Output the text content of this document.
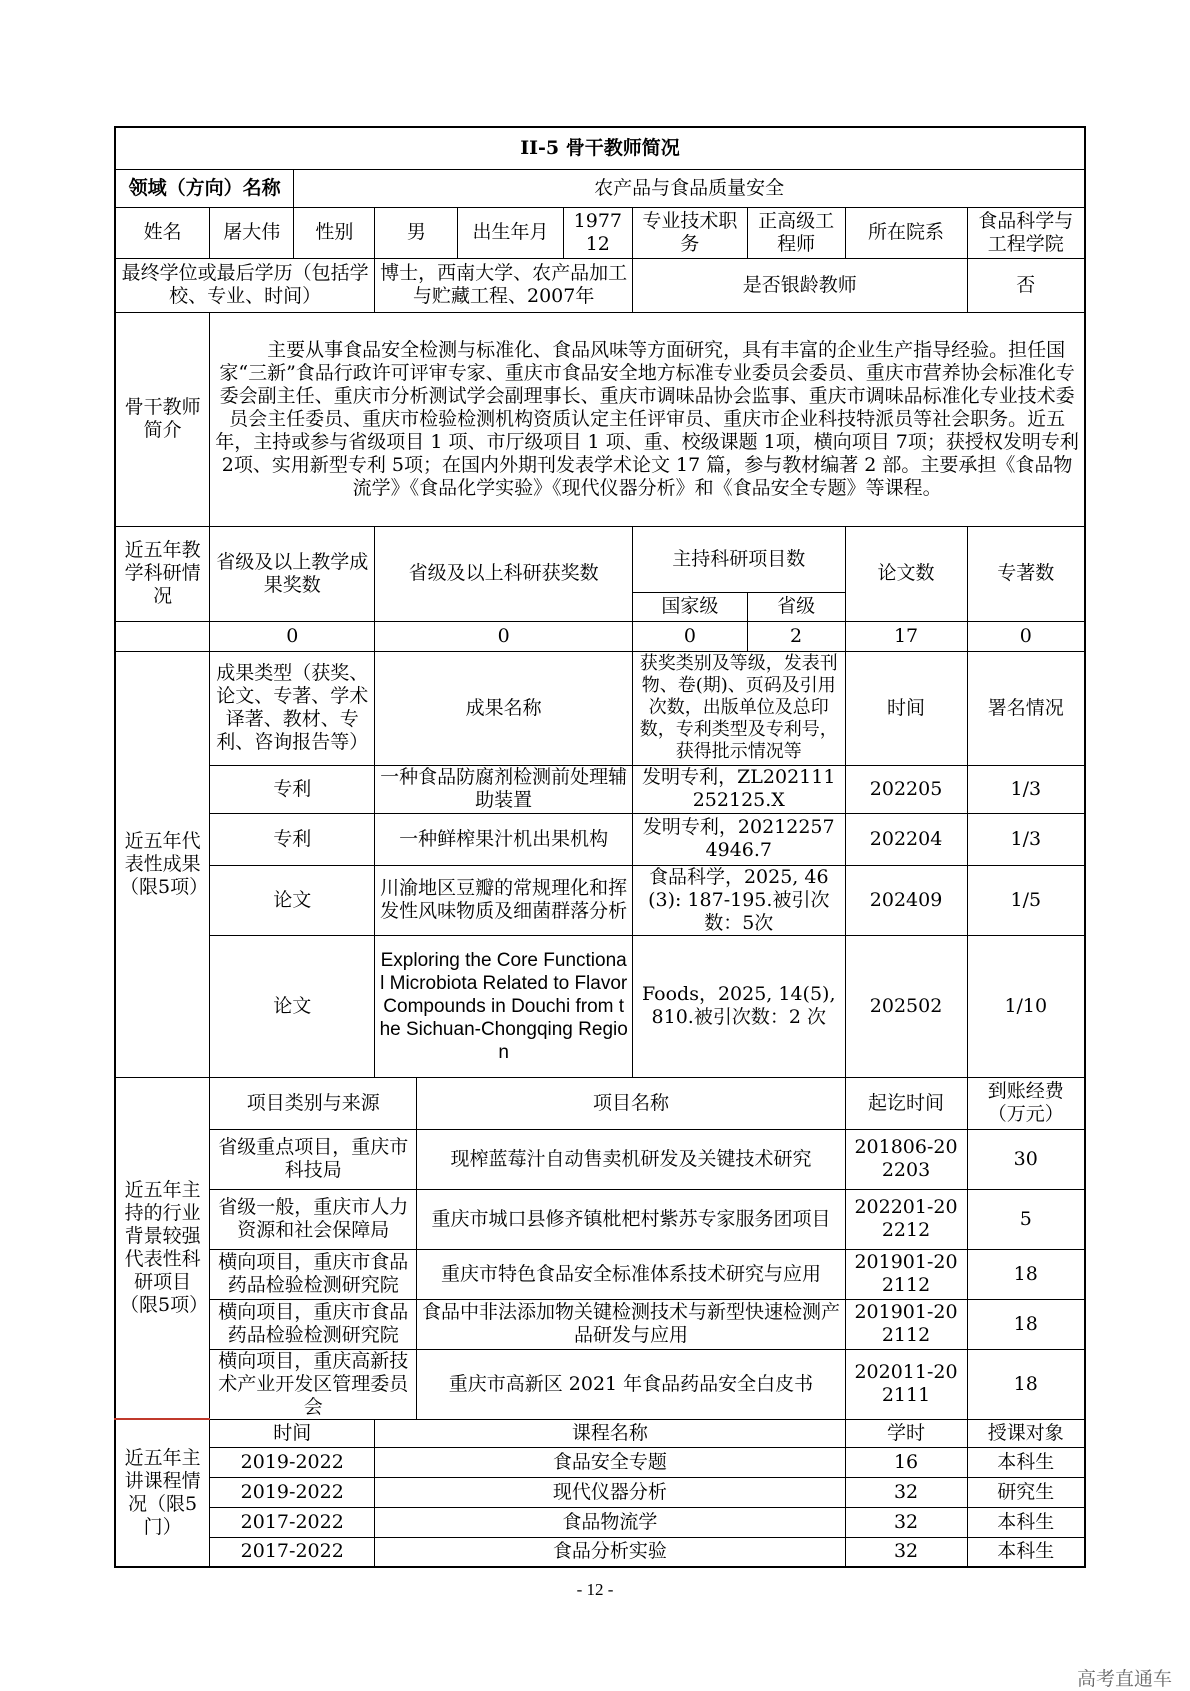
II-5 骨干教师简况										
领域（方向）名称		农产品与食品质量安全								
姓名	屠大伟	性别	男		出生年月	197712	专业技术职　务	正高级工程师	所在院系	食品科学与工程学院
最终学位或最后学历（包括学校、专业、时间）			博士，西南大学、农产品加工与贮藏工程、2007年				是否银龄教师			否
骨干教师简介	　　主要从事食品安全检测与标准化、食品风味等方面研究，具有丰富的企业生产指导经验。担任国家“三新”食品行政许可评审专家、重庆市食品安全地方标准专业委员会委员、重庆市营养协会标准化专委会副主任、重庆市分析测试学会副理事长、重庆市调味品协会监事、重庆市调味品标准化专业技术委员会主任委员、重庆市检验检测机构资质认定主任评审员、重庆市企业科技特派员等社会职务。近五年，主持或参与省级项目 1 项、市厅级项目 1 项、重、校级课题 1项，横向项目 7项；获授权发明专利 2项、实用新型专利 5项；在国内外期刊发表学术论文 17 篇，参与教材编著 2 部。主要承担《食品物流学》《食品化学实验》《现代仪器分析》和《食品安全专题》等课程。									
近五年教学科研情况	省级及以上教学成果奖数		省级及以上科研获奖数				主持科研项目数		论文数	专著数
							国家级	省级		
	0		0				0	2	17	0
近五年代表性成果（限5项）	成果类型（获奖、论文、专著、学术译著、教材、专利、咨询报告等）		成果名称				获奖类别及等级，发表刊物、卷(期)、页码及引用次数，出版单位及总印数，专利类型及专利号，获得批示情况等		时间	署名情况
	专利		一种食品防腐剂检测前处理辅助装置				发明专利，ZL202111252125.X		202205	1/3
	专利		一种鲜榨果汁机出果机构				发明专利，202122574946.7		202204	1/3
	论文		川渝地区豆瓣的常规理化和挥发性风味物质及细菌群落分析				食品科学，2025, 46(3): 187-195.被引次数：5次		202409	1/5
	论文		Exploring the Core Functional Microbiota Related to Flavor Compounds in Douchi from the Sichuan-Chongqing Region				Foods，2025, 14(5), 810.被引次数：2 次		202502	1/10
近五年主持的行业背景较强代表性科研项目（限5项）	项目类别与来源			项目名称					起讫时间	到账经费（万元）
	省级重点项目，重庆市科技局			现榨蓝莓汁自动售卖机研发及关键技术研究					201806-202203	30
	省级一般，重庆市人力资源和社会保障局			重庆市城口县修齐镇枇杷村紫苏专家服务团项目					202201-202212	5
	横向项目，重庆市食品药品检验检测研究院			重庆市特色食品安全标准体系技术研究与应用					201901-202112	18
	横向项目，重庆市食品药品检验检测研究院			食品中非法添加物关键检测技术与新型快速检测产品研发与应用					201901-202112	18
	横向项目，重庆高新技术产业开发区管理委员会			重庆市高新区 2021 年食品药品安全白皮书					202011-202111	18
近五年主讲课程情况（限5门）	时间		课程名称						学时	授课对象
	2019-2022		食品安全专题						16	本科生
	2019-2022		现代仪器分析						32	研究生
	2017-2022		食品物流学						32	本科生
	2017-2022		食品分析实验						32	本科生
- 12 -
高考直通车
